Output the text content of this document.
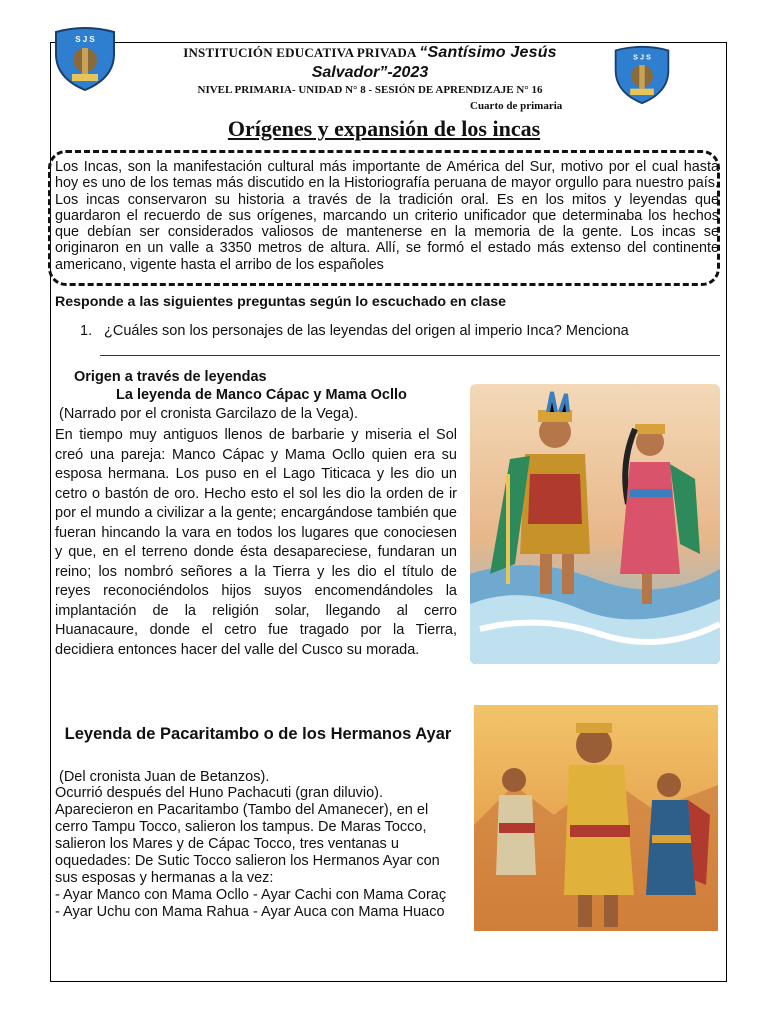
S J S
S J S
INSTITUCIÓN EDUCATIVA PRIVADA “Santísimo Jesús
Salvador”-2023
NIVEL PRIMARIA- UNIDAD N° 8 - SESIÓN DE APRENDIZAJE N° 16
Cuarto de primaria
Orígenes y expansión de los incas
Los Incas, son la manifestación cultural más importante de América del Sur, motivo por el cual hasta hoy es uno de los temas más discutido en la Historiografía peruana de mayor orgullo para nuestro país. Los incas conservaron su historia a través de la tradición oral. Es en los mitos y leyendas que guardaron el recuerdo de sus orígenes, marcando un criterio unificador que determinaba los hechos que debían ser considerados valiosos de mantenerse en la memoria de la gente. Los incas se originaron en un valle a 3350 metros de altura. Allí, se formó el estado más extenso del continente americano, vigente hasta el arribo de los españoles
Responde a las siguientes preguntas según lo escuchado en clase
1. ¿Cuáles son los personajes de las leyendas del origen al imperio Inca? Menciona
Origen a través de leyendas
La leyenda de Manco Cápac y Mama Ocllo
(Narrado por el cronista Garcilazo de la Vega).
En tiempo muy antiguos llenos de barbarie y miseria el Sol creó una pareja: Manco Cápac y Mama Ocllo quien era su esposa hermana. Los puso en el Lago Titicaca y les dio un cetro o bastón de oro. Hecho esto el sol les dio la orden de ir por el mundo a civilizar a la gente; encargándose también que fueran hincando la vara en todos los lugares que conociesen y que, en el terreno donde ésta desapareciese, fundaran un reino; los nombró señores a la Tierra y les dio el título de reyes reconociéndolos hijos suyos encomendándoles la implantación de la religión solar, llegando al cerro Huanacaure, donde el cetro fue tragado por la Tierra, decidiera entonces hacer del valle del Cusco su morada.
Leyenda de Pacaritambo o de los Hermanos Ayar
(Del cronista Juan de Betanzos).

Ocurrió después del Huno Pachacuti (gran diluvio).

Aparecieron en Pacaritambo (Tambo del Amanecer), en el cerro Tampu Tocco, salieron los tampus. De Maras Tocco, salieron los Mares y de Cápac Tocco, tres ventanas u oquedades: De Sutic Tocco salieron los Hermanos Ayar con sus esposas y hermanas a la vez:

- Ayar Manco con Mama Ocllo - Ayar Cachi con Mama Coraç

- Ayar Uchu con Mama Rahua - Ayar Auca con Mama Huaco
